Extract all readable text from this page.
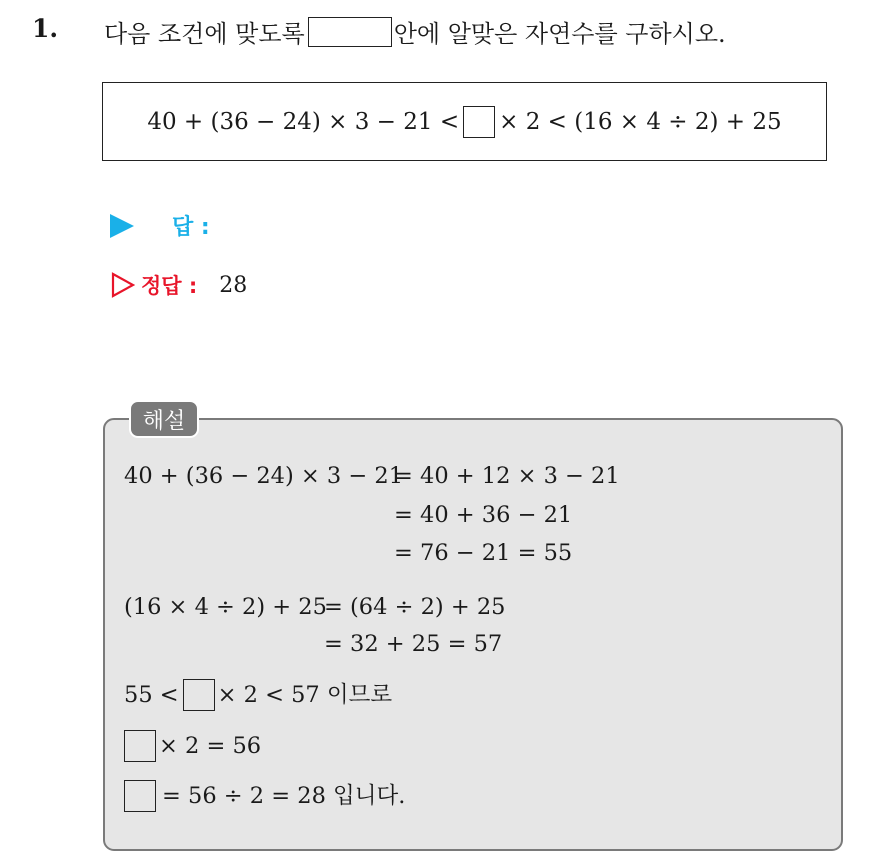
1. 다음 조건에 맞도록	안에 알맞은 자연수를 구하시오.
40 + (36 − 24) × 3 − 21 < × 2 < (16 × 4 ÷ 2) + 25
답 :
정답 : 28
해설
40 + (36 − 24) × 3 − 21
= 40 + 12 × 3 − 21
= 40 + 36 − 21
= 76 − 21 = 55
(16 × 4 ÷ 2) + 25
= (64 ÷ 2) + 25
= 32 + 25 = 57
55 < × 2 < 57 이므로
× 2 = 56
= 56 ÷ 2 = 28 입니다.
